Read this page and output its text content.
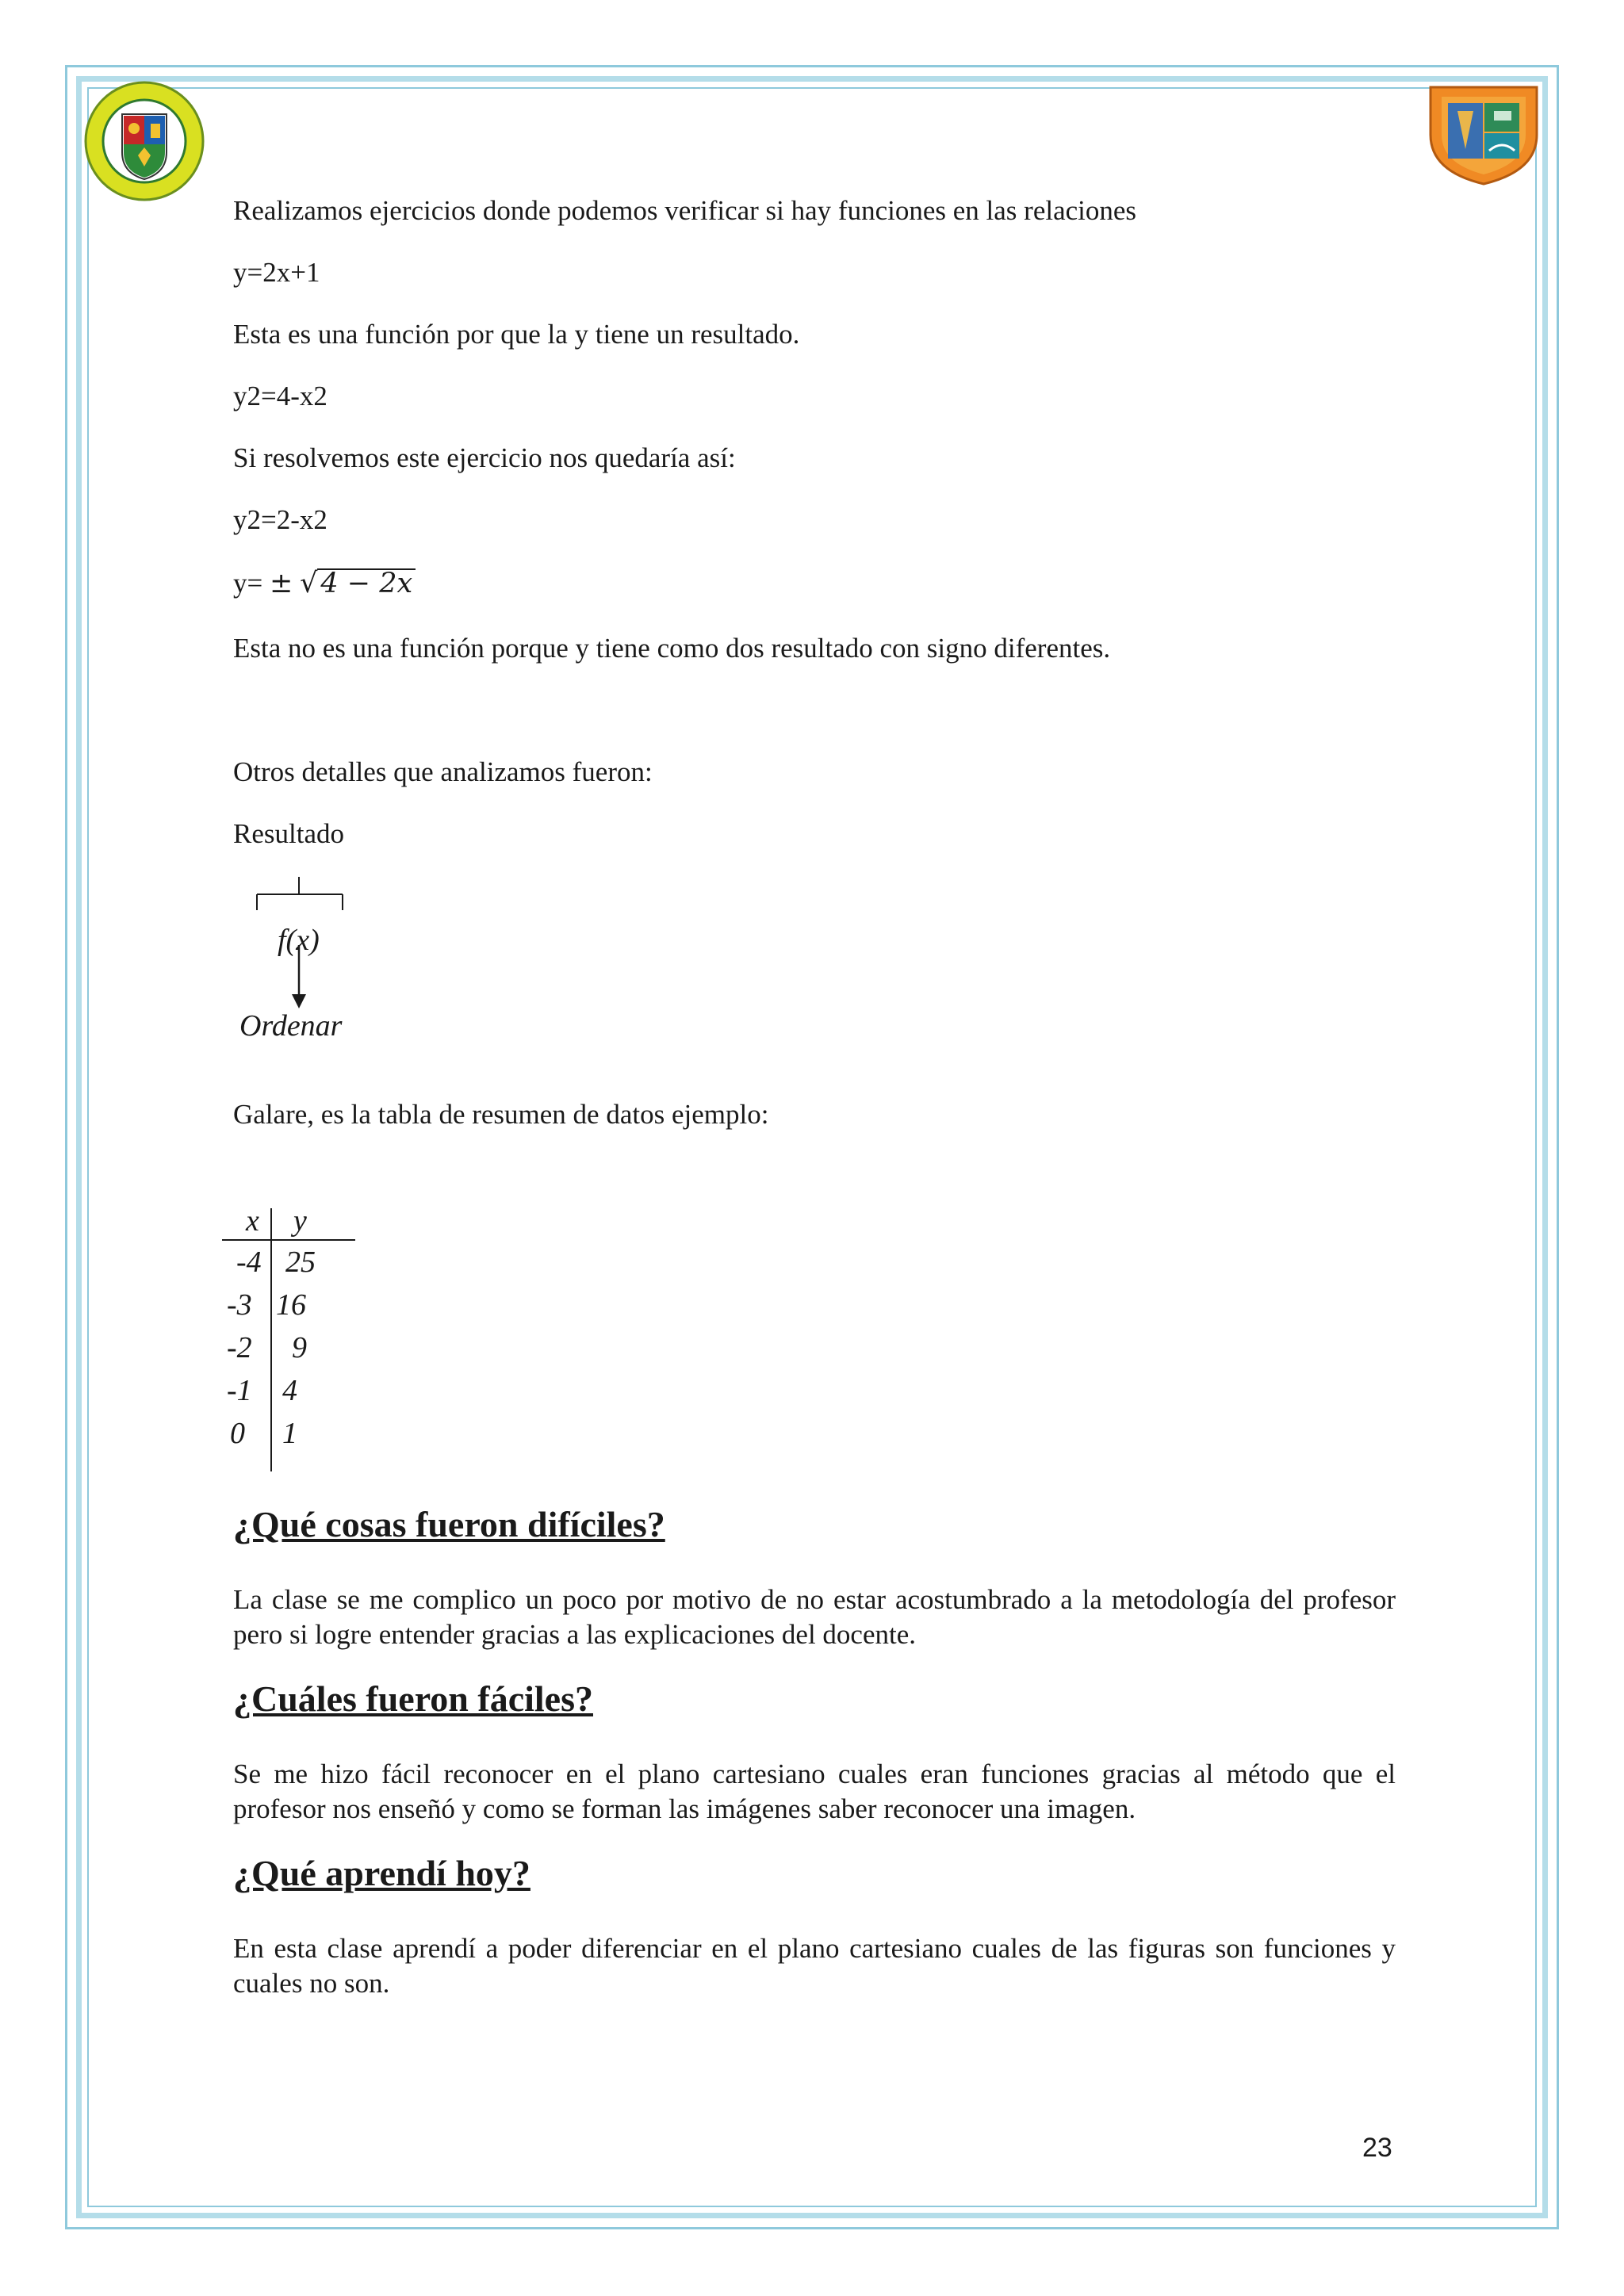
Realizamos ejercicios donde podemos verificar si hay funciones en las relaciones

y=2x+1

Esta es una función por que la y tiene un resultado.

y2=4-x2

Si resolvemos este ejercicio nos quedaría así:

y2=2-x2

y= ± √ 4 − 2x

Esta no es una función porque y tiene como dos resultado con signo diferentes.

Otros detalles que analizamos fueron:

Resultado

f(x)
Ordenar

Galare, es la tabla de resumen de datos ejemplo:

x y
-4 25
-3 16
-2 9
-1 4
0 1
¿Qué cosas fueron difíciles?

La clase se me complico un poco por motivo de no estar acostumbrado a la metodología del profesor pero si logre entender gracias a las explicaciones del docente.

¿Cuáles fueron fáciles?

Se me hizo fácil reconocer en el plano cartesiano cuales eran funciones gracias al método que el profesor nos enseñó y como se forman las imágenes saber reconocer una imagen.

¿Qué aprendí hoy?

En esta clase aprendí a poder diferenciar en el plano cartesiano cuales de las figuras son funciones y cuales no son.

23
